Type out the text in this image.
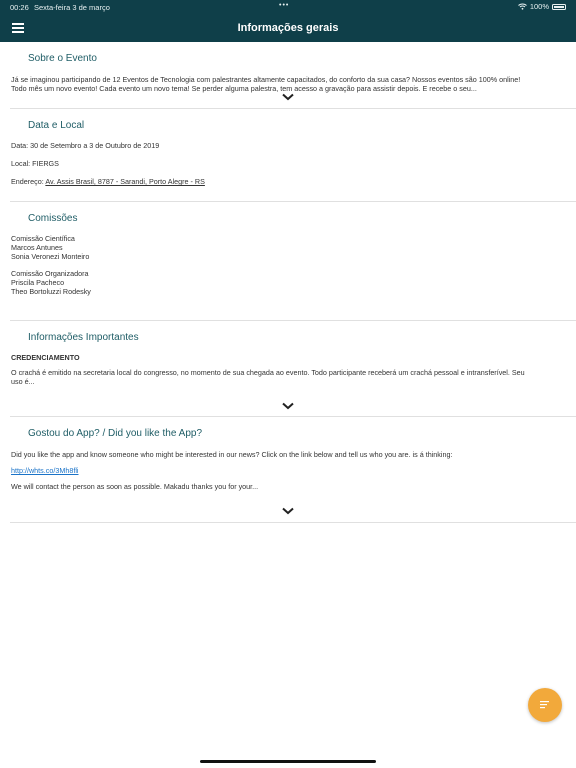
00:26 Sexta-feira 3 de março	•••	100%
Informações gerais
Sobre o Evento
Já se imaginou participando de 12 Eventos de Tecnologia com palestrantes altamente capacitados, do conforto da sua casa? Nossos eventos são 100% online!
Todo mês um novo evento! Cada evento um novo tema! Se perder alguma palestra, tem acesso a gravação para assistir depois. E recebe o seu...
Data e Local
Data: 30 de Setembro a 3 de Outubro de 2019
Local: FIERGS
Endereço: Av. Assis Brasil, 8787 - Sarandi, Porto Alegre - RS
Comissões
Comissão Científica
Marcos Antunes
Sonia Veronezi Monteiro
Comissão Organizadora
Priscila Pacheco
Theo Bortoluzzi Rodesky
Informações Importantes
CREDENCIAMENTO
O crachá é emitido na secretaria local do congresso, no momento de sua chegada ao evento. Todo participante receberá um crachá pessoal e intransferível. Seu
uso é...
Gostou do App? / Did you like the App?
Did you like the app and know someone who might be interested in our news? Click on the link below and tell us who you are. is á thinking:
http://whts.co/3Mh8fli
We will contact the person as soon as possible. Makadu thanks you for your...
